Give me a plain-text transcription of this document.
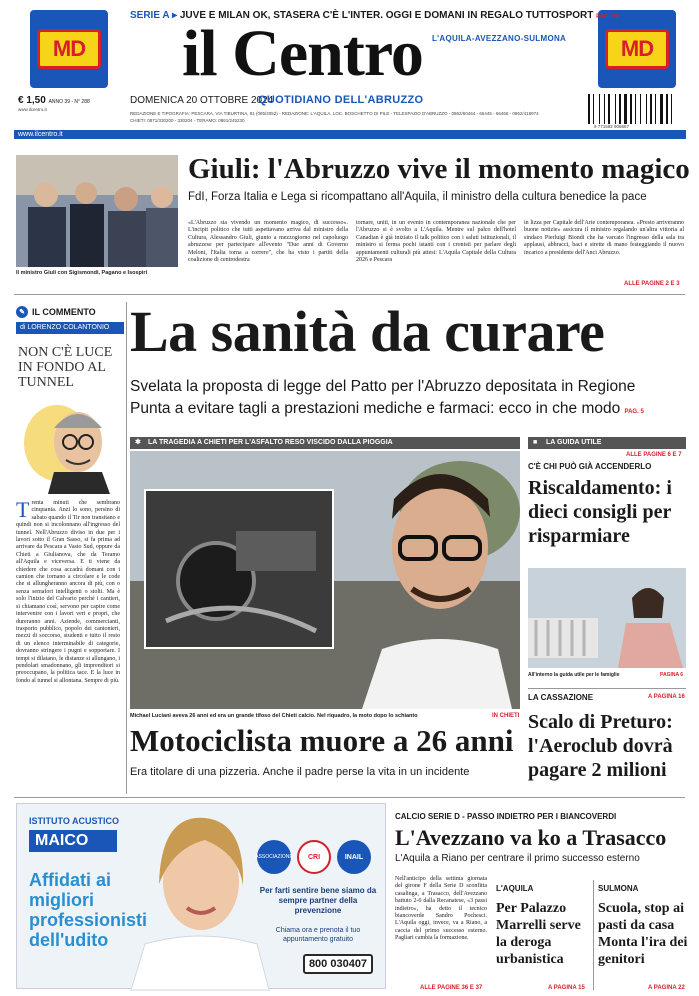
MD	MD
SERIE A ▸ JUVE E MILAN OK, STASERA C'È L'INTER. OGGI E DOMANI IN REGALO TUTTOSPORT PAG. 33
il Centro L'AQUILA-AVEZZANO-SULMONA
€ 1,50 ANNO 39 - N° 288
www.ilcentro.it
DOMENICA 20 OTTOBRE 2024
QUOTIDIANO DELL'ABRUZZO
REDAZIONE E TIPOGRAFIA: PESCARA, VIA TIBURTINA, 91 (085/2052) - REDAZIONE: L'AQUILA, LOC. BOSCHETTO DI PILE - TELESPAZIO D'ABRUZZO - 0862/60464 - 66445 - 66466 - 0862/418974
CHIETI: 0871/330200 - 330204 - TERAMO: 0861/245230
9 771592 906667
www.ilcentro.it
Il ministro Giuli con Sigismondi, Pagano e Isospiri
Giuli: l'Abruzzo vive il momento magico
FdI, Forza Italia e Lega si ricompattano all'Aquila, il ministro della cultura benedice la pace
«L'Abruzzo sta vivendo un momento magico, di successo». L'incipit politico che tutti aspettavano arriva dal ministro della Cultura, Alessandro Giuli, giunto a mezzogiorno nel capoluogo abruzzese per partecipare all'evento "Due anni di Governo Meloni, l'Italia torna a correre", che ha visto i partiti della coalizione di centrodestra
tornare, uniti, in un evento in contemporanea nazionale che per l'Abruzzo si è svolto a L'Aquila. Mentre sul palco dell'hotel Canadian è già iniziato il talk politico con i saluti istituzionali, il ministro si ferma pochi istanti con i cronisti per parlare degli appuntamenti culturali più attesi: L'Aquila Capitale della Cultura 2026 e Pescara
in lizza per Capitale dell'Arte contemporanea. «Presto arriveranno buone notizie» assicura il ministro regalando un'altra vittoria al sindaco Pierluigi Biondi che ha varcato l'ingresso della sala tra applausi, abbracci, baci e strette di mano festeggiando il nuovo incarico a presidente dell'Anci Abruzzo.
ALLE PAGINE 2 E 3
✎ IL COMMENTO
di LORENZO COLANTONIO
NON C'È LUCE IN FONDO AL TUNNEL
T renta minuti che sembrano cinquanta. Anzi lo sono, persino di sabato quando il Tir non transitano e quindi non si incolonnano all'ingresso del tunnel. Nell'Abruzzo diviso in due per i lavori sotto il Gran Sasso, si fa prima ad arrivare da Pescara a Vasto Sud, oppure da Chieti a Giulianova, che da Teramo all'Aquila e viceversa. E ti viene da chiedere che cosa accadrà domani con i camion che tornano a circolare e le code che si allungheranno ancora di più, con o senza semafori intelligenti o stolti. Ma è solo l'inizio del Calvario perché i cantieri, si chiamano così, servono per capire come intervenire con i lavori veri e propri, che dureranno anni. Aziende, commercianti, trasporto pubblico, popolo dei cantonieri, mezzi di soccorso, studenti e tutto il resto di un elenco interminabile di categorie, dovranno stringere i pugni e sopportare. I tempi si dilatano, le distanze si allungano, i pendolari smadonnano, gli imprenditori si preoccupano, la politica tace. E la luce in fondo al tunnel si allontana. Sempre di più.
La sanità da curare
Svelata la proposta di legge del Patto per l'Abruzzo depositata in Regione
Punta a evitare tagli a prestazioni mediche e farmaci: ecco in che modo PAG. 5
✱ LA TRAGEDIA A CHIETI PER L'ASFALTO RESO VISCIDO DALLA PIOGGIA
Michael Luciani aveva 26 anni ed era un grande tifoso del Chieti calcio. Nel riquadro, la moto dopo lo schianto	IN CHIETI
Motociclista muore a 26 anni
Era titolare di una pizzeria. Anche il padre perse la vita in un incidente
■ LA GUIDA UTILE
ALLE PAGINE 6 E 7
C'È CHI PUÒ GIÀ ACCENDERLO
Riscaldamento: i dieci consigli per risparmiare
All'interno la guida utile per le famiglie	PAGINA 6
LA CASSAZIONE	A PAGINA 16
Scalo di Preturo: l'Aeroclub dovrà pagare 2 milioni
ISTITUTO ACUSTICO
MAICO
Affidati ai migliori professionisti dell'udito
ASSOCIAZIONE	CRI	INAIL
Per farti sentire bene siamo da sempre partner della prevenzione
Chiama ora e prenota il tuo appuntamento gratuito
800 030407
CALCIO SERIE D - PASSO INDIETRO PER I BIANCOVERDI
L'Avezzano va ko a Trasacco
L'Aquila a Riano per centrare il primo successo esterno
Nell'anticipo della settima giornata del girone F della Serie D sconfitta casalinga, a Trasacco, dell'Avezzano battuto 2-0 dalla Recanatese, «3 passi indietro», ha detto il tecnico biancoverde Sandro Pochesci. L'Aquila oggi, invece, va a Riano, a caccia del primo successo esterno. Pagliari cambia la formazione.
ALLE PAGINE 36 E 37
L'AQUILA
Per Palazzo Marrelli serve la deroga urbanistica
A PAGINA 15
SULMONA
Scuola, stop ai pasti da casa Monta l'ira dei genitori
A PAGINA 22
